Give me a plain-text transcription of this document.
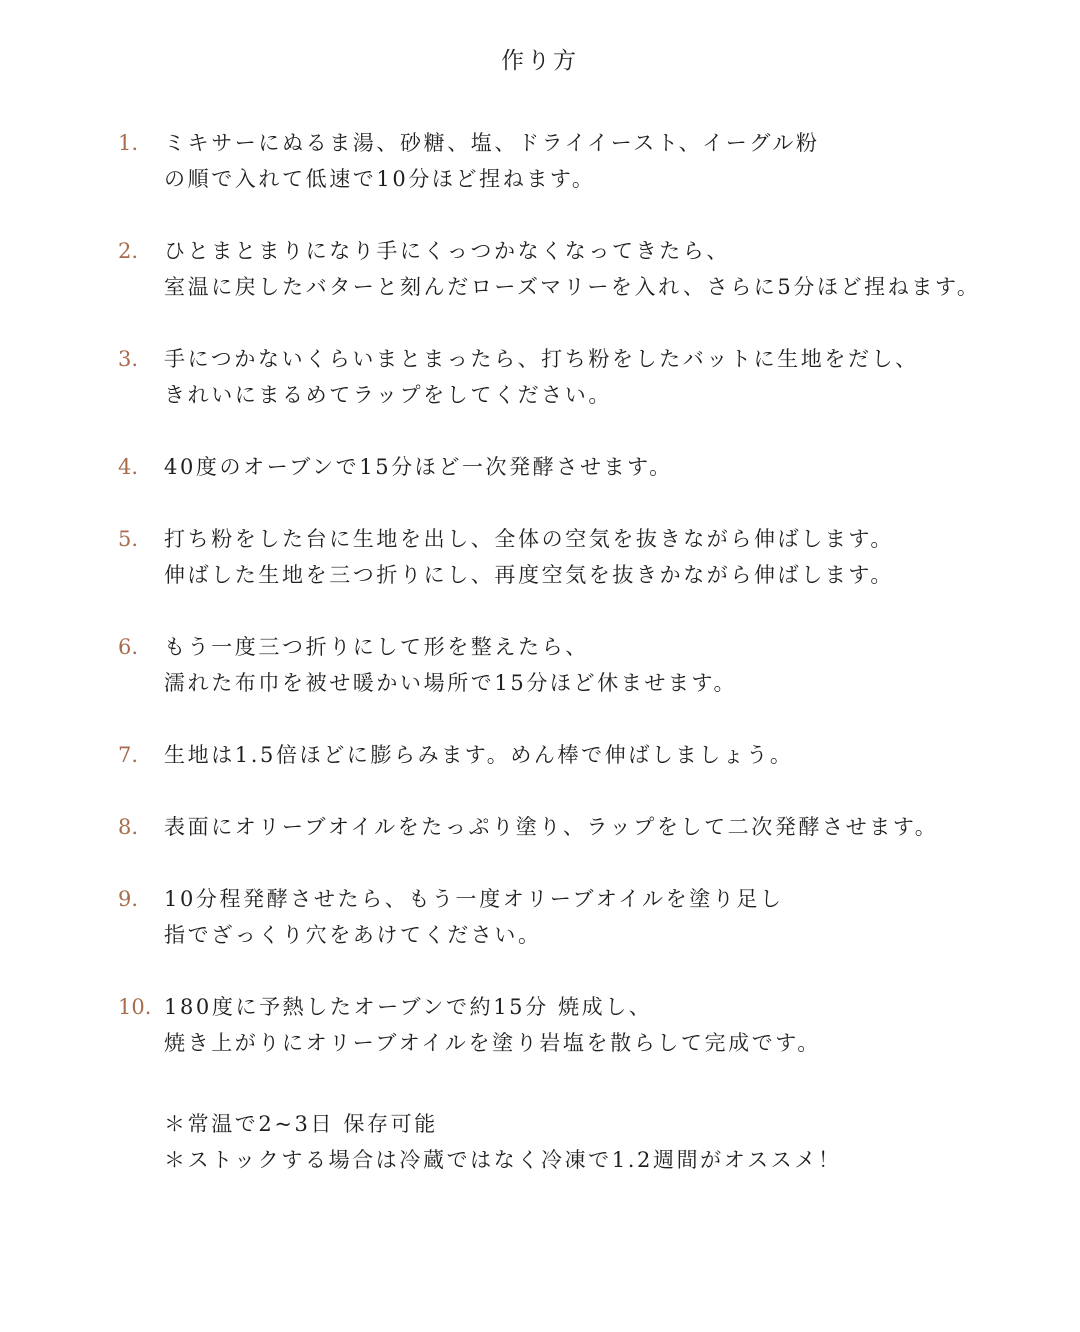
作り方
1.	ミキサーにぬるま湯、砂糖、塩、ドライイースト、イーグル粉
の順で入れて低速で10分ほど捏ねます。
2.	ひとまとまりになり手にくっつかなくなってきたら、
室温に戻したバターと刻んだローズマリーを入れ、さらに5分ほど捏ねます。
3.	手につかないくらいまとまったら、打ち粉をしたバットに生地をだし、
きれいにまるめてラップをしてください。
4.	40度のオーブンで15分ほど一次発酵させます。
5.	打ち粉をした台に生地を出し、全体の空気を抜きながら伸ばします。
伸ばした生地を三つ折りにし、再度空気を抜きかながら伸ばします。
6.	もう一度三つ折りにして形を整えたら、
濡れた布巾を被せ暖かい場所で15分ほど休ませます。
7.	生地は1.5倍ほどに膨らみます。めん棒で伸ばしましょう。
8.	表面にオリーブオイルをたっぷり塗り、ラップをして二次発酵させます。
9.	10分程発酵させたら、もう一度オリーブオイルを塗り足し
指でざっくり穴をあけてください。
10. 180度に予熱したオーブンで約15分 焼成し、
焼き上がりにオリーブオイルを塗り岩塩を散らして完成です。
＊常温で2~3日 保存可能
＊ストックする場合は冷蔵ではなく冷凍で1.2週間がオススメ！
